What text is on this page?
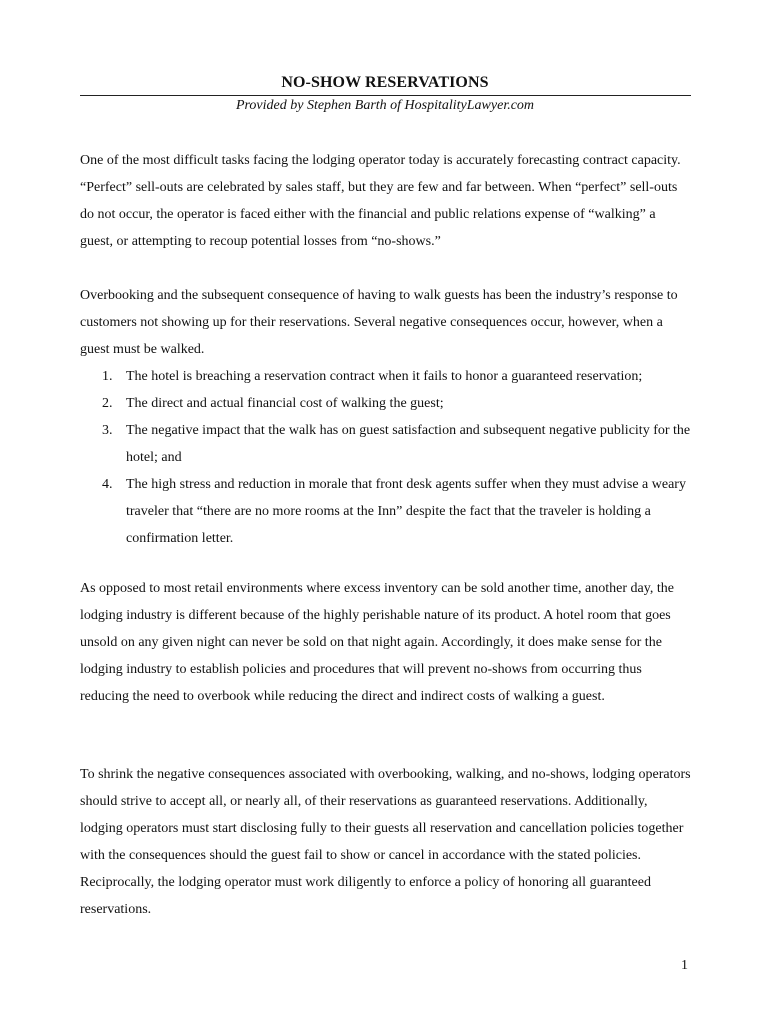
NO-SHOW RESERVATIONS
Provided by Stephen Barth of HospitalityLawyer.com

One of the most difficult tasks facing the lodging operator today is accurately forecasting contract capacity. “Perfect” sell-outs are celebrated by sales staff, but they are few and far between. When “perfect” sell-outs do not occur, the operator is faced either with the financial and public relations expense of “walking” a guest, or attempting to recoup potential losses from “no-shows.”

Overbooking and the subsequent consequence of having to walk guests has been the industry’s response to customers not showing up for their reservations. Several negative consequences occur, however, when a guest must be walked.

1. The hotel is breaching a reservation contract when it fails to honor a guaranteed reservation;
2. The direct and actual financial cost of walking the guest;
3. The negative impact that the walk has on guest satisfaction and subsequent negative publicity for the hotel; and
4. The high stress and reduction in morale that front desk agents suffer when they must advise a weary traveler that “there are no more rooms at the Inn” despite the fact that the traveler is holding a confirmation letter.

As opposed to most retail environments where excess inventory can be sold another time, another day, the lodging industry is different because of the highly perishable nature of its product. A hotel room that goes unsold on any given night can never be sold on that night again. Accordingly, it does make sense for the lodging industry to establish policies and procedures that will prevent no-shows from occurring thus reducing the need to overbook while reducing the direct and indirect costs of walking a guest.

To shrink the negative consequences associated with overbooking, walking, and no-shows, lodging operators should strive to accept all, or nearly all, of their reservations as guaranteed reservations. Additionally, lodging operators must start disclosing fully to their guests all reservation and cancellation policies together with the consequences should the guest fail to show or cancel in accordance with the stated policies. Reciprocally, the lodging operator must work diligently to enforce a policy of honoring all guaranteed reservations.

1
